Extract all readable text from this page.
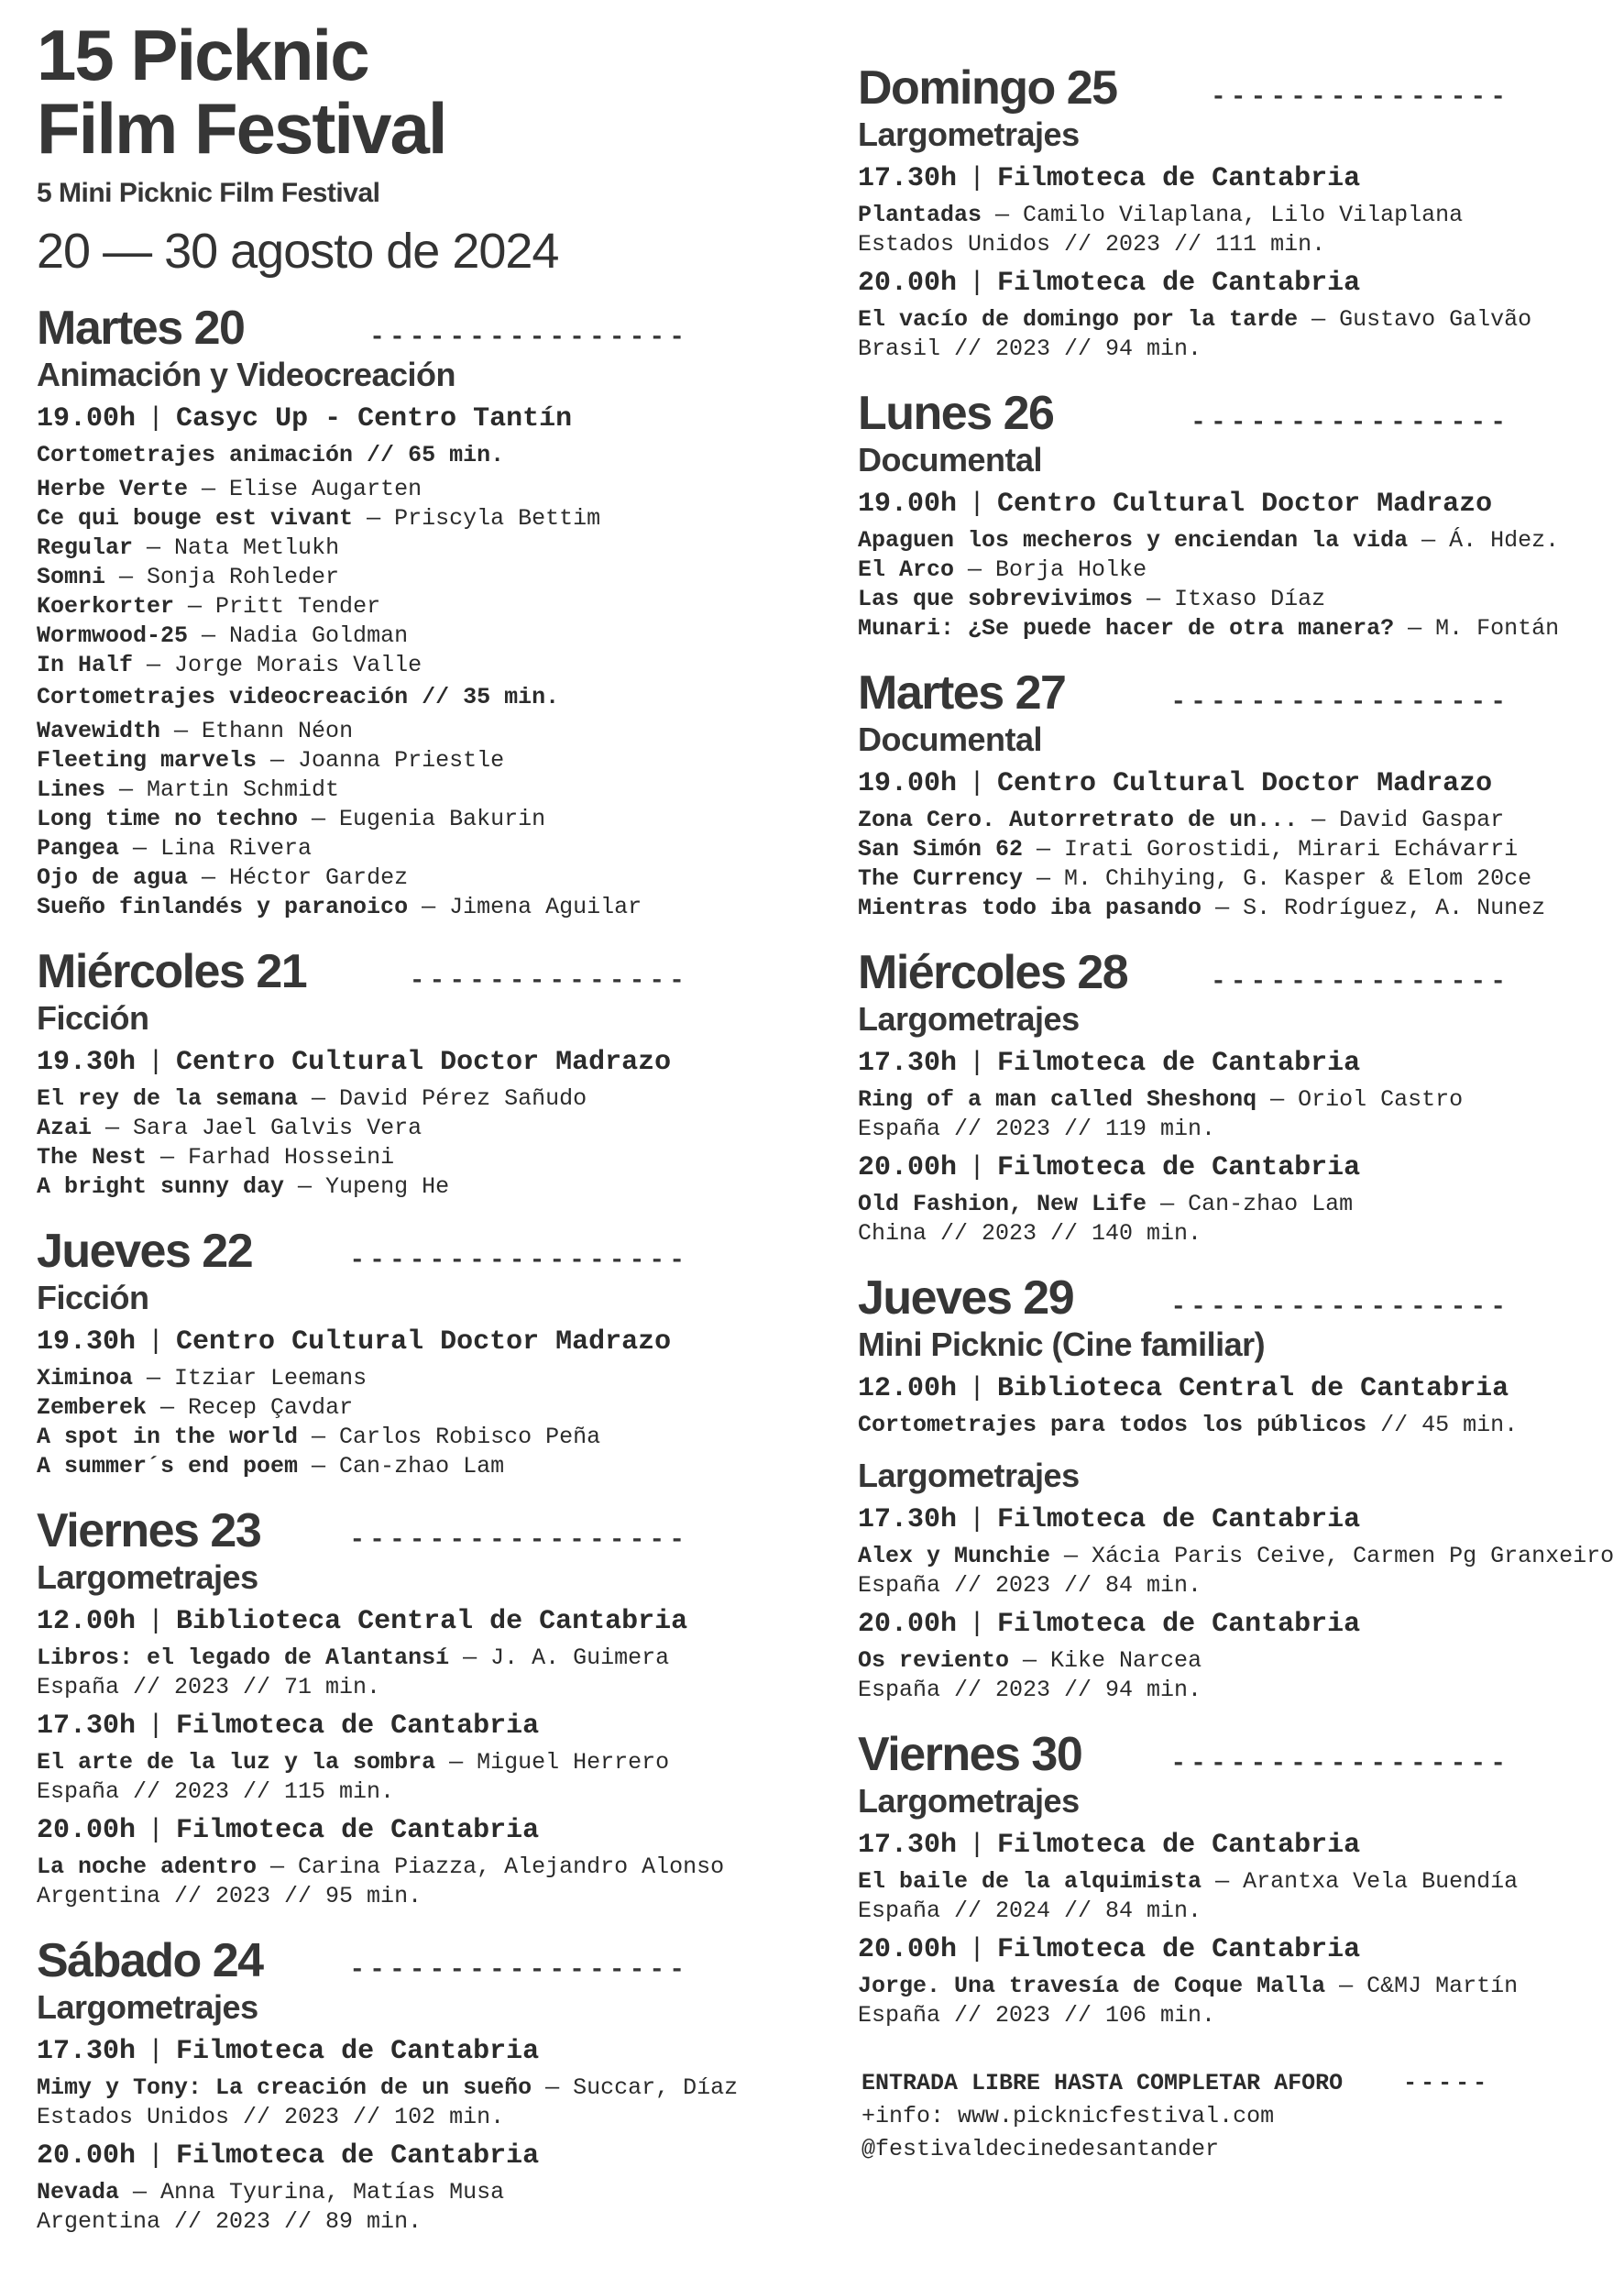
15 Picknic
Film Festival
5 Mini Picknic Film Festival
20 — 30 agosto de 2024
Martes 20	----------------
Animación y Videocreación
19.00h | Casyc Up - Centro Tantín
Cortometrajes animación // 65 min.
Herbe Verte — Elise Augarten
Ce qui bouge est vivant — Priscyla Bettim
Regular — Nata Metlukh
Somni — Sonja Rohleder
Koerkorter — Pritt Tender
Wormwood-25 — Nadia Goldman
In Half — Jorge Morais Valle
Cortometrajes videocreación // 35 min.
Wavewidth — Ethann Néon
Fleeting marvels — Joanna Priestle
Lines — Martin Schmidt
Long time no techno — Eugenia Bakurin
Pangea — Lina Rivera
Ojo de agua — Héctor Gardez
Sueño finlandés y paranoico — Jimena Aguilar
Miércoles 21	--------------
Ficción
19.30h | Centro Cultural Doctor Madrazo
El rey de la semana — David Pérez Sañudo
Azai — Sara Jael Galvis Vera
The Nest — Farhad Hosseini
A bright sunny day — Yupeng He
Jueves 22	-----------------
Ficción
19.30h | Centro Cultural Doctor Madrazo
Ximinoa — Itziar Leemans
Zemberek — Recep Çavdar
A spot in the world — Carlos Robisco Peña
A summer´s end poem — Can-zhao Lam
Viernes 23	-----------------
Largometrajes
12.00h | Biblioteca Central de Cantabria
Libros: el legado de Alantansí — J. A. Guimera
España // 2023 // 71 min.
17.30h | Filmoteca de Cantabria
El arte de la luz y la sombra — Miguel Herrero
España // 2023 // 115 min.
20.00h | Filmoteca de Cantabria
La noche adentro — Carina Piazza, Alejandro Alonso
Argentina // 2023 // 95 min.
Sábado 24	-----------------
Largometrajes
17.30h | Filmoteca de Cantabria
Mimy y Tony: La creación de un sueño — Succar, Díaz
Estados Unidos // 2023 // 102 min.
20.00h | Filmoteca de Cantabria
Nevada — Anna Tyurina, Matías Musa
Argentina // 2023 // 89 min.
Domingo 25	---------------
Largometrajes
17.30h | Filmoteca de Cantabria
Plantadas — Camilo Vilaplana, Lilo Vilaplana
Estados Unidos // 2023 // 111 min.
20.00h | Filmoteca de Cantabria
El vacío de domingo por la tarde — Gustavo Galvão
Brasil // 2023 // 94 min.
Lunes 26	----------------
Documental
19.00h | Centro Cultural Doctor Madrazo
Apaguen los mecheros y enciendan la vida — Á. Hdez.
El Arco — Borja Holke
Las que sobrevivimos — Itxaso Díaz
Munari: ¿Se puede hacer de otra manera? — M. Fontán
Martes 27	-----------------
Documental
19.00h | Centro Cultural Doctor Madrazo
Zona Cero. Autorretrato de un... — David Gaspar
San Simón 62 — Irati Gorostidi, Mirari Echávarri
The Currency — M. Chihying, G. Kasper & Elom 20ce
Mientras todo iba pasando — S. Rodríguez, A. Nunez
Miércoles 28	---------------
Largometrajes
17.30h | Filmoteca de Cantabria
Ring of a man called Sheshonq — Oriol Castro
España // 2023 // 119 min.
20.00h | Filmoteca de Cantabria
Old Fashion, New Life — Can-zhao Lam
China // 2023 // 140 min.
Jueves 29	-----------------
Mini Picknic (Cine familiar)
12.00h | Biblioteca Central de Cantabria
Cortometrajes para todos los públicos // 45 min.
Largometrajes
17.30h | Filmoteca de Cantabria
Alex y Munchie — Xácia Paris Ceive, Carmen Pg Granxeiro
España // 2023 // 84 min.
20.00h | Filmoteca de Cantabria
Os reviento — Kike Narcea
España // 2023 // 94 min.
Viernes 30	-----------------
Largometrajes
17.30h | Filmoteca de Cantabria
El baile de la alquimista — Arantxa Vela Buendía
España // 2024 // 84 min.
20.00h | Filmoteca de Cantabria
Jorge. Una travesía de Coque Malla — C&MJ Martín
España // 2023 // 106 min.
ENTRADA LIBRE HASTA COMPLETAR AFORO	-----
+info: www.picknicfestival.com
@festivaldecinedesantander
